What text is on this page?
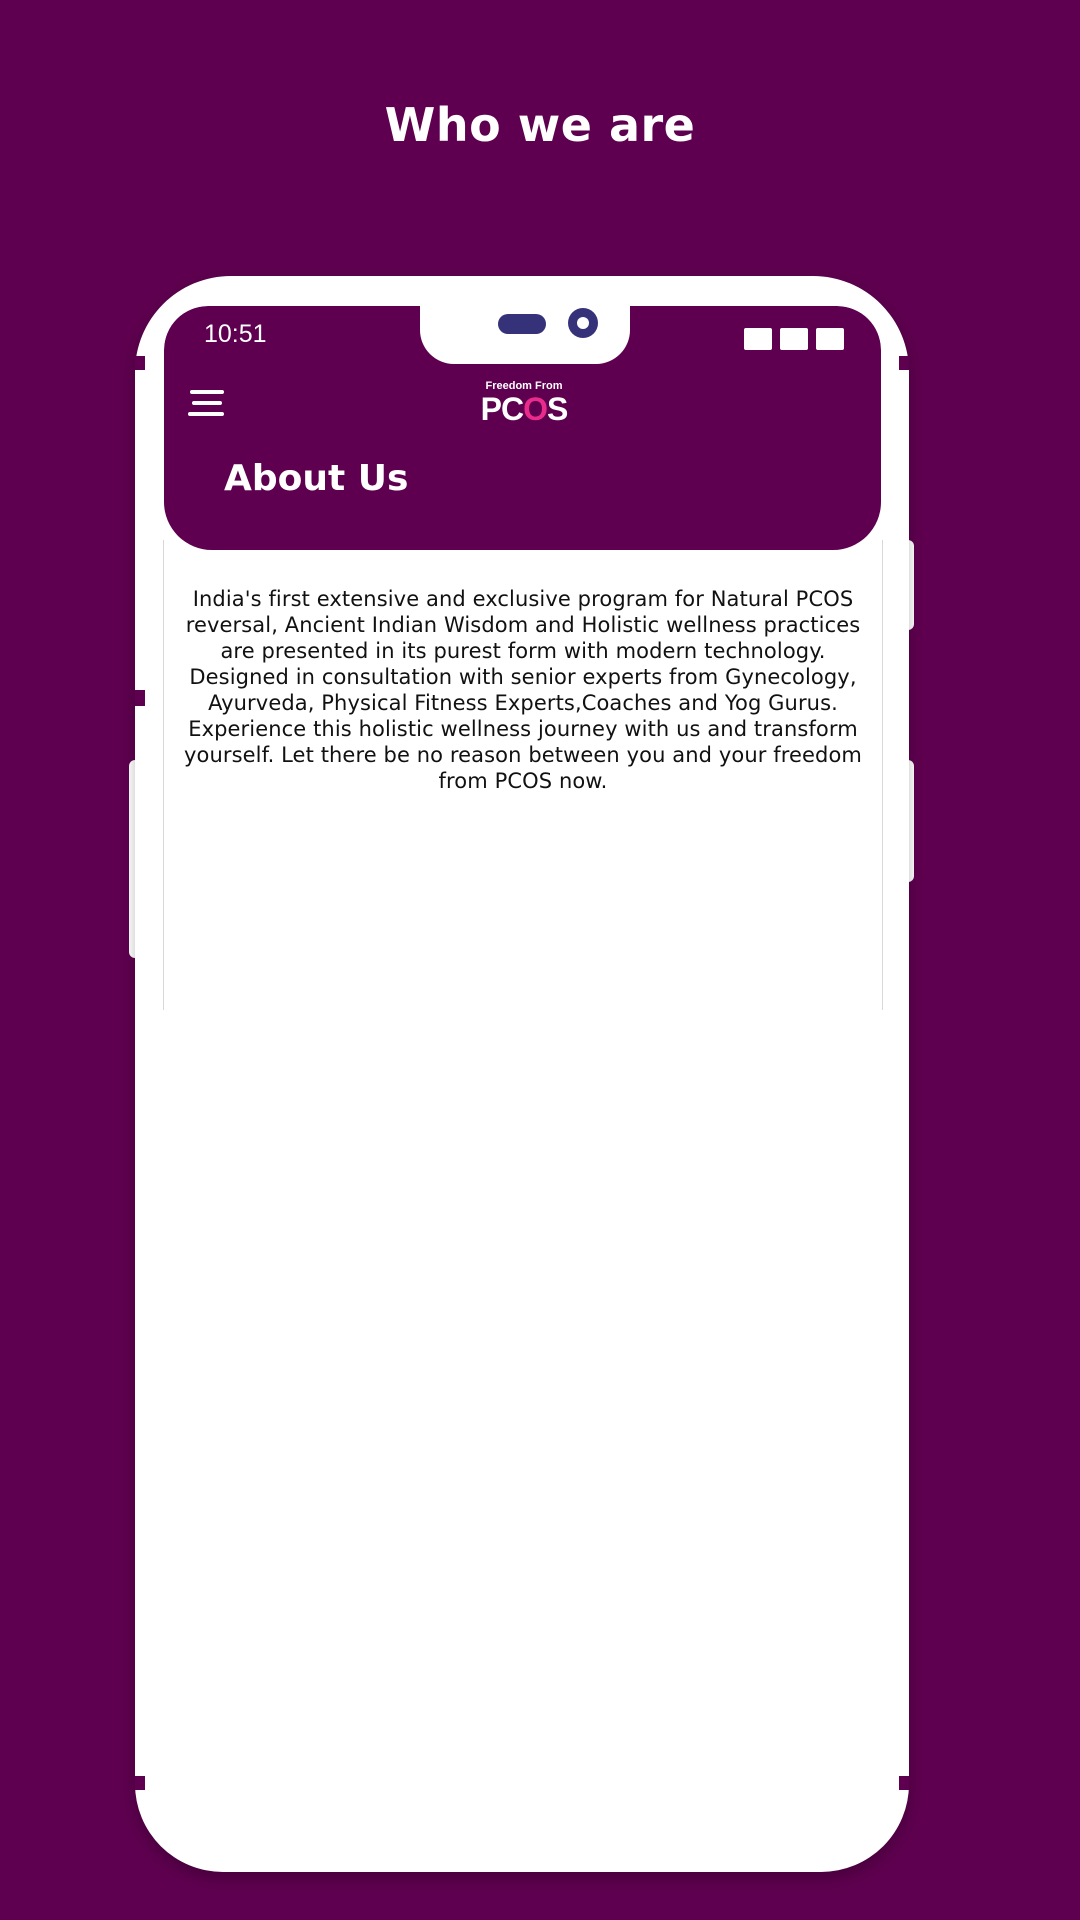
Who we are
10:51
Freedom From
PCOS
About Us
India's first extensive and exclusive program for Natural PCOS reversal, Ancient Indian Wisdom and Holistic wellness practices are presented in its purest form with modern technology. Designed in consultation with senior experts from Gynecology, Ayurveda, Physical Fitness Experts,Coaches and Yog Gurus. Experience this holistic wellness journey with us and transform yourself. Let there be no reason between you and your freedom from PCOS now.
